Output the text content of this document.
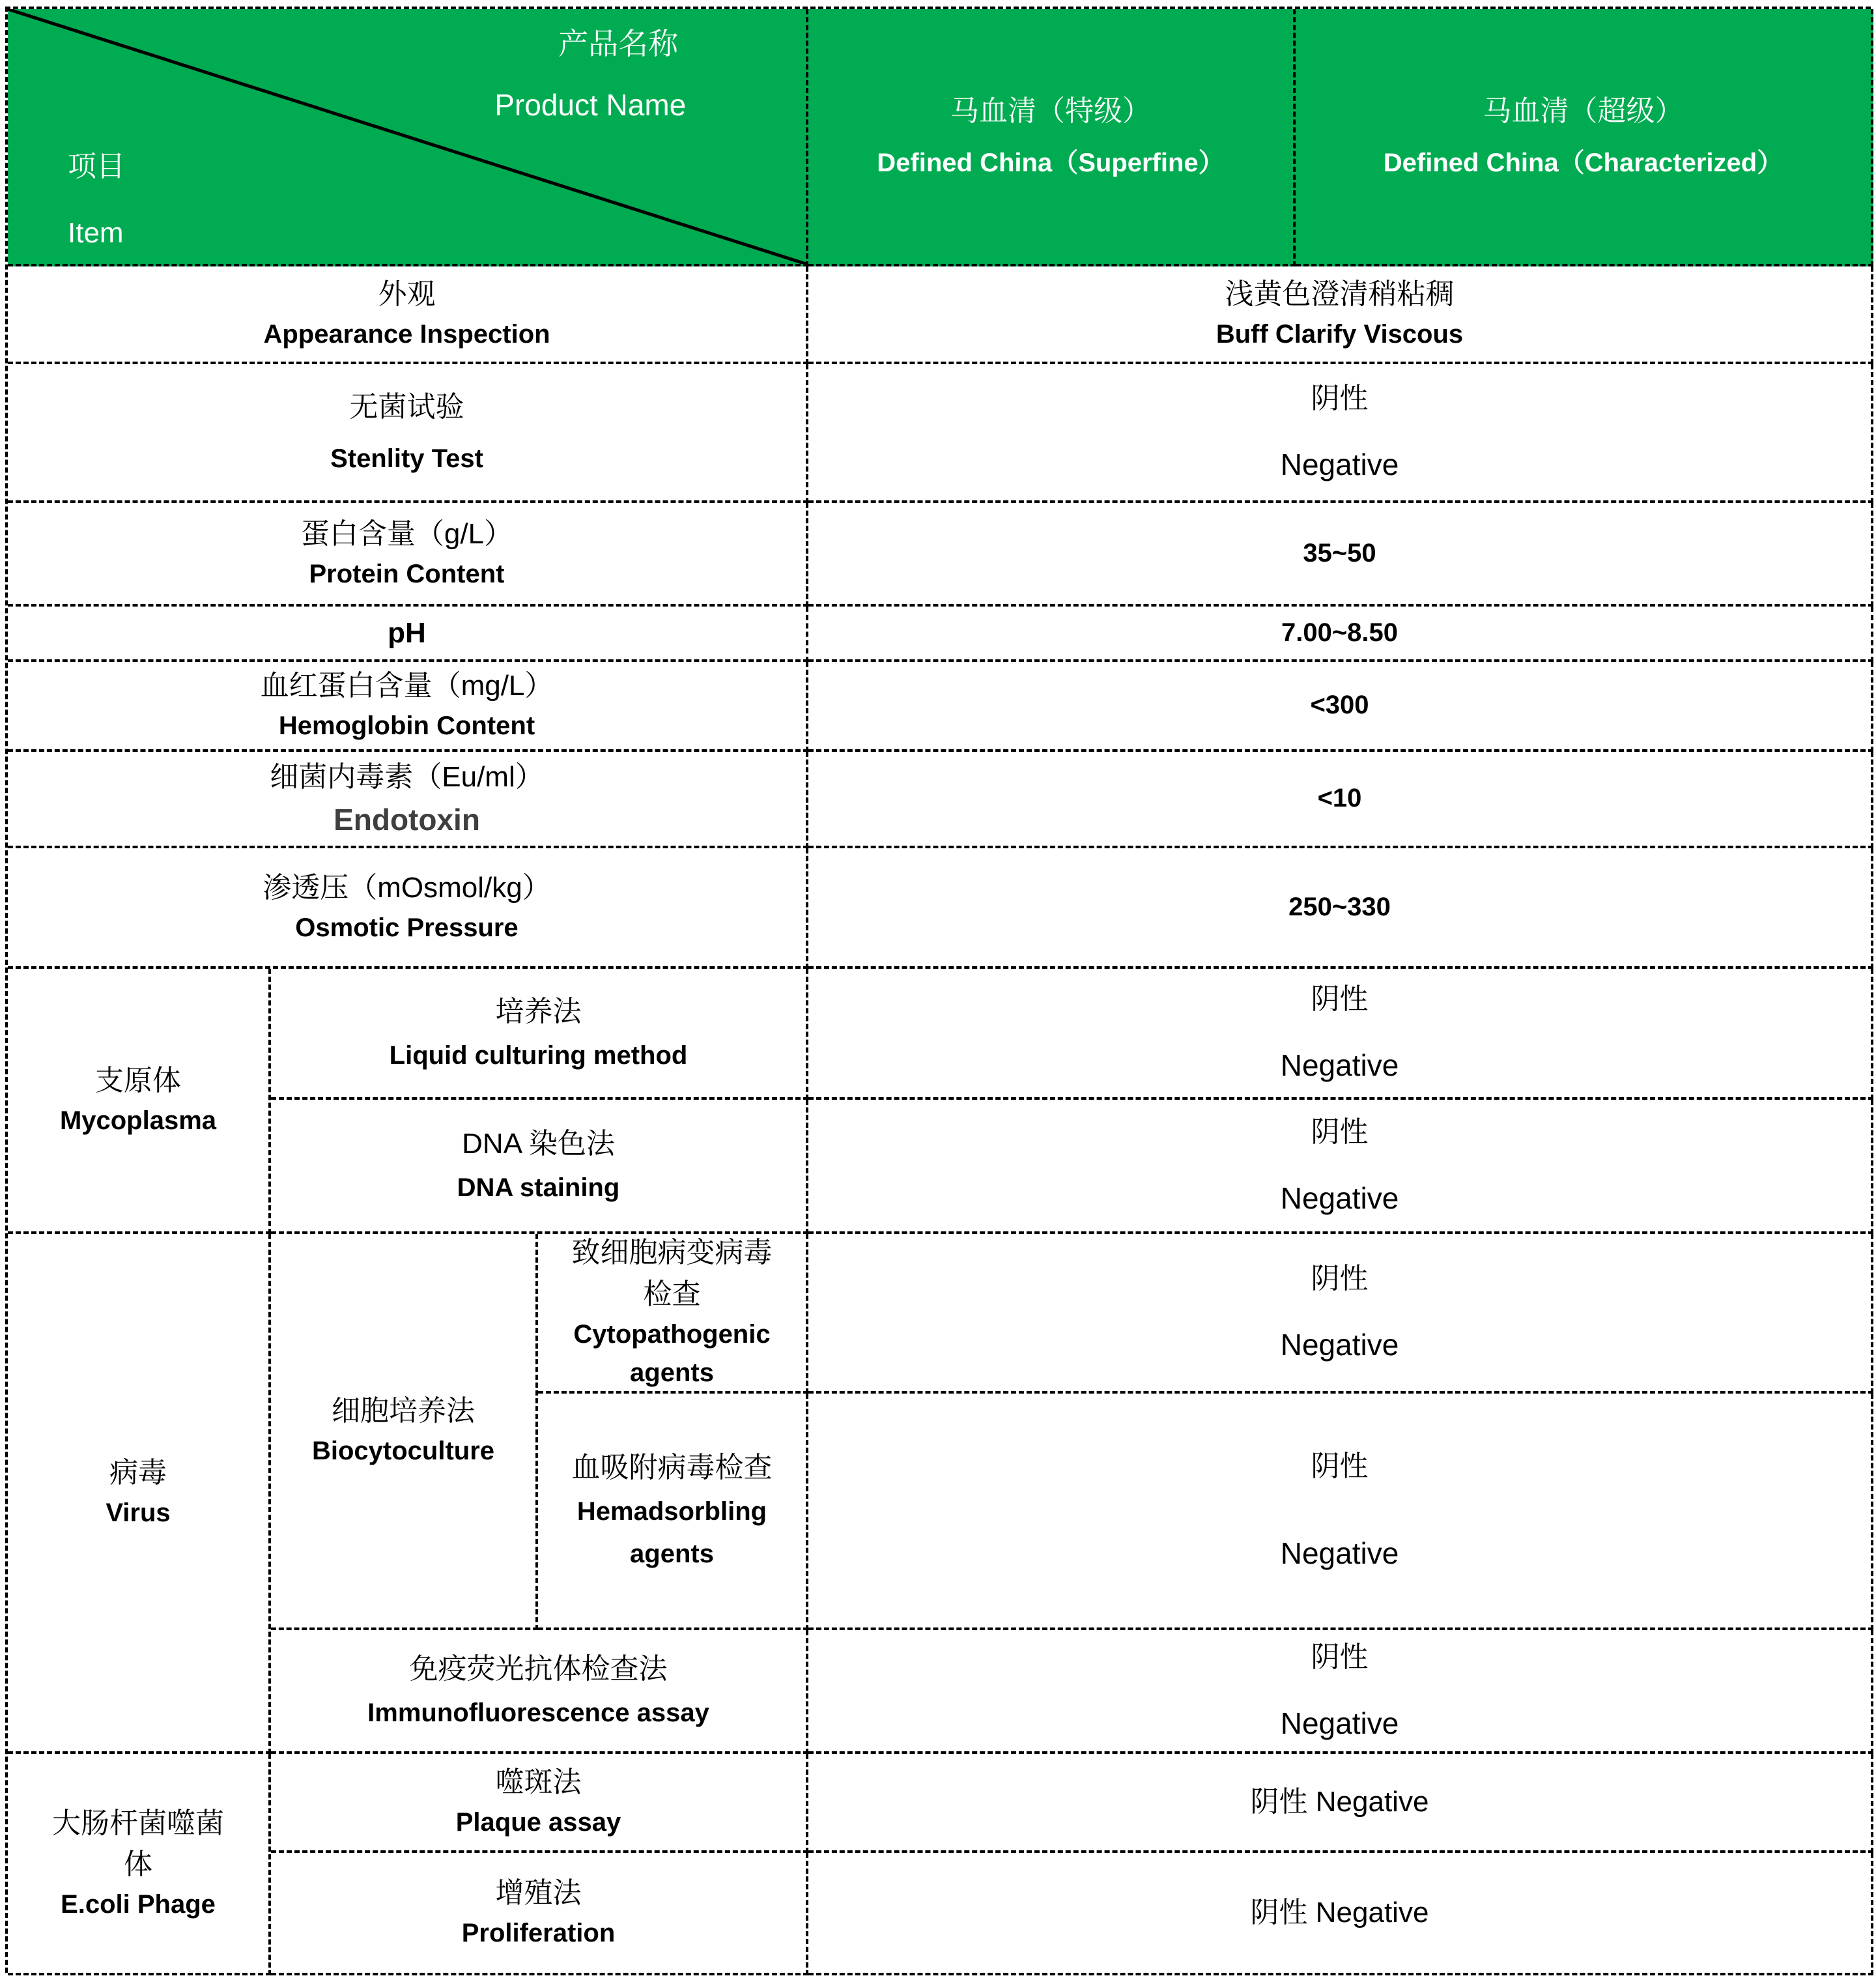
产品名称
Product Name
项目
Item
马血清（特级）
Defined China（Superfine）
马血清（超级）
Defined China（Characterized）
外观
Appearance Inspection
浅黄色澄清稍粘稠
Buff Clarify Viscous
无菌试验
Stenlity Test
阴性
Negative
蛋白含量（g/L）
Protein Content
35~50
pH	7.00~8.50
血红蛋白含量（mg/L）
Hemoglobin Content
<300
细菌内毒素（Eu/ml）
Endotoxin
<10
渗透压（mOsmol/kg）
Osmotic Pressure
250~330
支原体
Mycoplasma
培养法
Liquid culturing method
阴性
Negative
DNA 染色法
DNA staining
阴性
Negative
病毒
Virus
细胞培养法
Biocytoculture
致细胞病变病毒
检查
Cytopathogenic
agents
阴性
Negative
血吸附病毒检查
Hemadsorbling
agents
阴性
Negative
免疫荧光抗体检查法
Immunofluorescence assay
阴性
Negative
大肠杆菌噬菌
体
E.coli Phage
噬斑法
Plaque assay
阴性 Negative
增殖法
Proliferation
阴性 Negative
